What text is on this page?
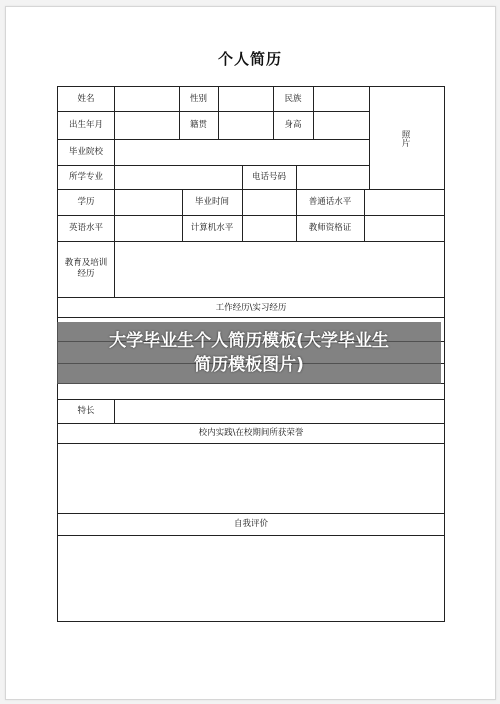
个人简历
姓名	性别	民族
出生年月	籍贯	身高
照片
毕业院校
所学专业	电话号码
学历	毕业时间	普通话水平
英语水平	计算机水平	教师资格证
教育及培训经历
工作经历\实习经历
特长
校内实践\在校期间所获荣誉
自我评价
大学毕业生个人简历模板(大学毕业生
简历模板图片)
